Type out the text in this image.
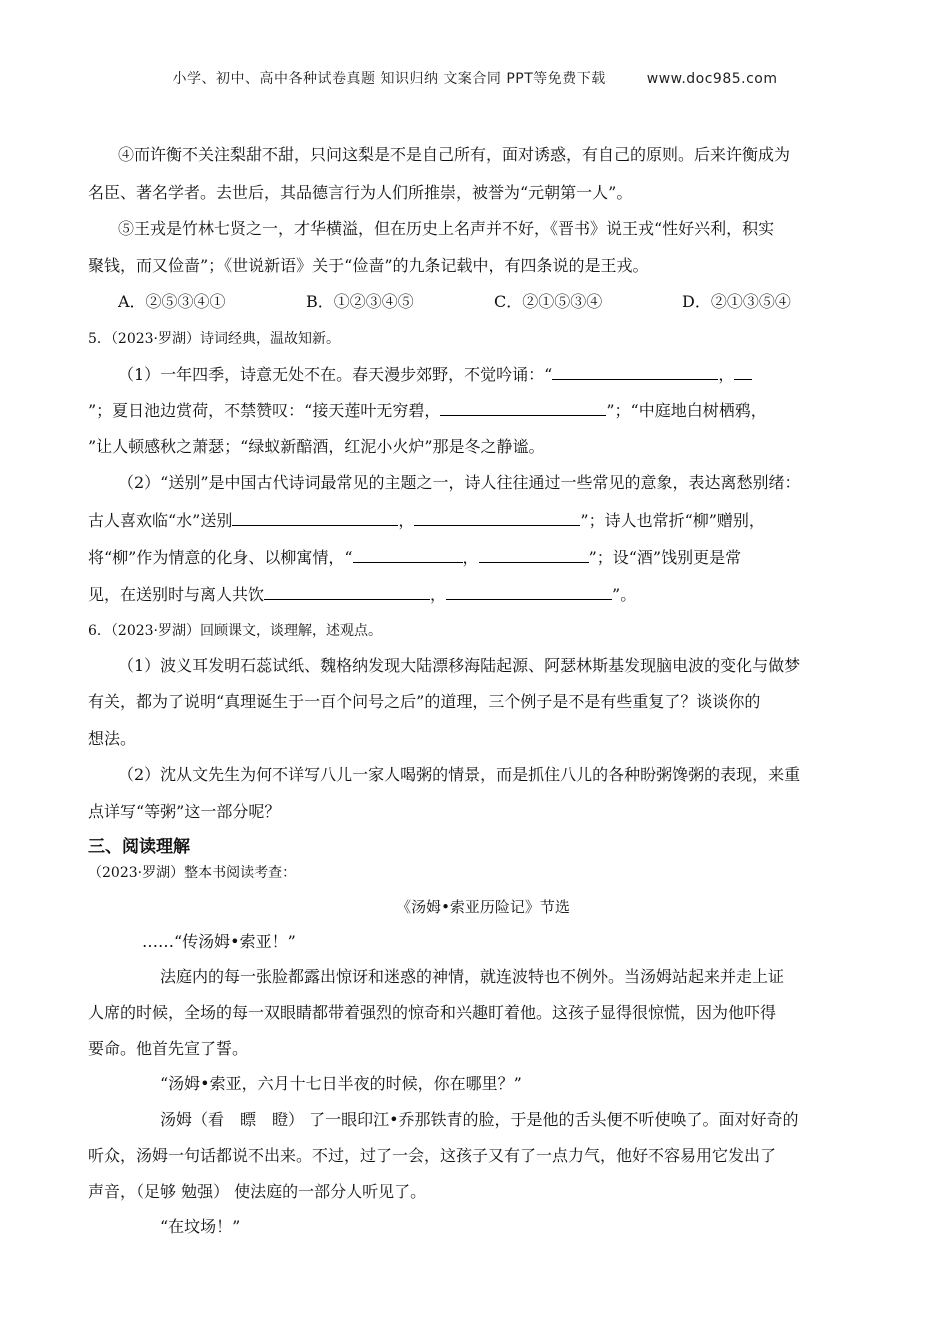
小学、初中、高中各种试卷真题 知识归纳 文案合同 PPT等免费下载	www.doc985.com
④而许衡不关注梨甜不甜，只问这梨是不是自己所有，面对诱惑，有自己的原则。后来许衡成为
名臣、著名学者。去世后，其品德言行为人们所推崇，被誉为“元朝第一人”。
⑤王戎是竹林七贤之一，才华横溢，但在历史上名声并不好，《晋书》说王戎“性好兴利，积实
聚钱，而又俭啬”；《世说新语》关于“俭啬”的九条记载中，有四条说的是王戎。
A．②⑤③④①	B．①②③④⑤	C．②①⑤③④	D．②①③⑤④
5．（2023·罗湖）诗词经典，温故知新。
（1）一年四季，诗意无处不在。春天漫步郊野，不觉吟诵：“	，
”；夏日池边赏荷，不禁赞叹：“接天莲叶无穷碧，	”；“中庭地白树栖鸦，
”让人顿感秋之萧瑟；“绿蚁新醅酒，红泥小火炉”那是冬之静谧。
（2）“送别”是中国古代诗词最常见的主题之一，诗人往往通过一些常见的意象，表达离愁别绪：
古人喜欢临“水”送别	，	”；诗人也常折“柳”赠别，
将“柳”作为情意的化身、以柳寓情，“	，	”；设“酒”饯别更是常
见，在送别时与离人共饮	，	”。
6．（2023·罗湖）回顾课文，谈理解，述观点。
（1）波义耳发明石蕊试纸、魏格纳发现大陆漂移海陆起源、阿瑟林斯基发现脑电波的变化与做梦
有关，都为了说明“真理诞生于一百个问号之后”的道理，三个例子是不是有些重复了？谈谈你的
想法。
（2）沈从文先生为何不详写八儿一家人喝粥的情景，而是抓住八儿的各种盼粥馋粥的表现，来重
点详写“等粥”这一部分呢？
三、阅读理解
（2023·罗湖）整本书阅读考查：
《汤姆•索亚历险记》节选
……“传汤姆•索亚！”
法庭内的每一张脸都露出惊讶和迷惑的神情，就连波特也不例外。当汤姆站起来并走上证
人席的时候，全场的每一双眼睛都带着强烈的惊奇和兴趣盯着他。这孩子显得很惊慌，因为他吓得
要命。他首先宣了誓。
“汤姆•索亚，六月十七日半夜的时候，你在哪里？”
汤姆（看　瞟　瞪） 了一眼印江•乔那铁青的脸，于是他的舌头便不听使唤了。面对好奇的
听众，汤姆一句话都说不出来。不过，过了一会，这孩子又有了一点力气，他好不容易用它发出了
声音，（足够 勉强） 使法庭的一部分人听见了。
“在坟场！”
